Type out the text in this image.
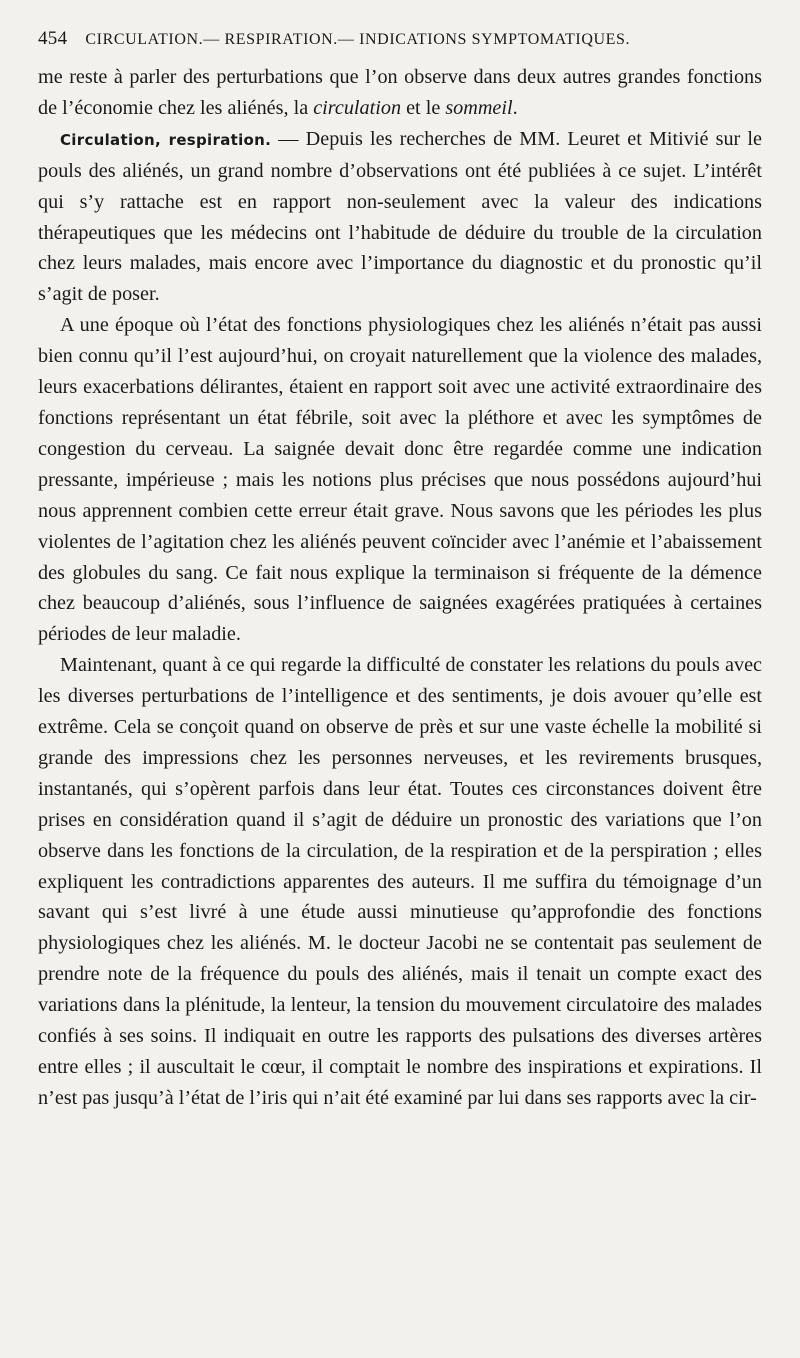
454 CIRCULATION.— RESPIRATION.— INDICATIONS SYMPTOMATIQUES.

me reste à parler des perturbations que l’on observe dans deux autres grandes fonctions de l’économie chez les aliénés, la circulation et le sommeil.

Circulation, respiration. — Depuis les recherches de MM. Leuret et Mitivié sur le pouls des aliénés, un grand nombre d’observations ont été publiées à ce sujet. L’intérêt qui s’y rattache est en rapport non-seulement avec la valeur des indications thérapeutiques que les médecins ont l’habitude de déduire du trouble de la circulation chez leurs malades, mais encore avec l’importance du diagnostic et du pronostic qu’il s’agit de poser.

A une époque où l’état des fonctions physiologiques chez les aliénés n’était pas aussi bien connu qu’il l’est aujourd’hui, on croyait naturellement que la violence des malades, leurs exacerbations délirantes, étaient en rapport soit avec une activité extraordinaire des fonctions représentant un état fébrile, soit avec la pléthore et avec les symptômes de congestion du cerveau. La saignée devait donc être regardée comme une indication pressante, impérieuse ; mais les notions plus précises que nous possédons aujourd’hui nous apprennent combien cette erreur était grave. Nous savons que les périodes les plus violentes de l’agitation chez les aliénés peuvent coïncider avec l’anémie et l’abaissement des globules du sang. Ce fait nous explique la terminaison si fréquente de la démence chez beaucoup d’aliénés, sous l’influence de saignées exagérées pratiquées à certaines périodes de leur maladie.

Maintenant, quant à ce qui regarde la difficulté de constater les relations du pouls avec les diverses perturbations de l’intelligence et des sentiments, je dois avouer qu’elle est extrême. Cela se conçoit quand on observe de près et sur une vaste échelle la mobilité si grande des impressions chez les personnes nerveuses, et les revirements brusques, instantanés, qui s’opèrent parfois dans leur état. Toutes ces circonstances doivent être prises en considération quand il s’agit de déduire un pronostic des variations que l’on observe dans les fonctions de la circulation, de la respiration et de la perspiration ; elles expliquent les contradictions apparentes des auteurs. Il me suffira du témoignage d’un savant qui s’est livré à une étude aussi minutieuse qu’approfondie des fonctions physiologiques chez les aliénés. M. le docteur Jacobi ne se contentait pas seulement de prendre note de la fréquence du pouls des aliénés, mais il tenait un compte exact des variations dans la plénitude, la lenteur, la tension du mouvement circulatoire des malades confiés à ses soins. Il indiquait en outre les rapports des pulsations des diverses artères entre elles ; il auscultait le cœur, il comptait le nombre des inspirations et expirations. Il n’est pas jusqu’à l’état de l’iris qui n’ait été examiné par lui dans ses rapports avec la cir-
